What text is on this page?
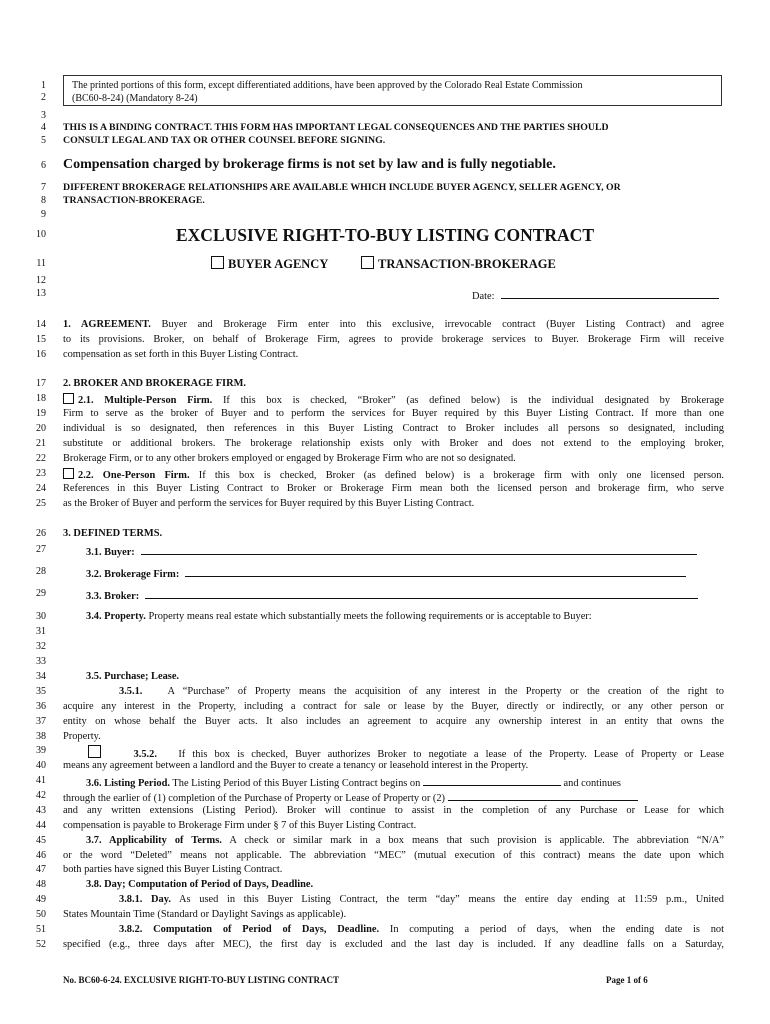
1
2
3
4
5
6
7
8
9
10
11
12
13
14
15
16
17
18
19
20
21
22
23
24
25
26
27
28
29
30
31
32
33
34
35
36
37
38
39
40
41
42
43
44
45
46
47
48
49
50
51
52
The printed portions of this form, except differentiated additions, have been approved by the Colorado Real Estate Commission
(BC60-8-24) (Mandatory 8-24)
THIS IS A BINDING CONTRACT. THIS FORM HAS IMPORTANT LEGAL CONSEQUENCES AND THE PARTIES SHOULD
CONSULT LEGAL AND TAX OR OTHER COUNSEL BEFORE SIGNING.
Compensation charged by brokerage firms is not set by law and is fully negotiable.
DIFFERENT BROKERAGE RELATIONSHIPS ARE AVAILABLE WHICH INCLUDE BUYER AGENCY, SELLER AGENCY, OR
TRANSACTION-BROKERAGE.
EXCLUSIVE RIGHT-TO-BUY LISTING CONTRACT
BUYER AGENCY	TRANSACTION-BROKERAGE
Date:
1. AGREEMENT. Buyer and Brokerage Firm enter into this exclusive, irrevocable contract (Buyer Listing Contract) and agree
to its provisions. Broker, on behalf of Brokerage Firm, agrees to provide brokerage services to Buyer. Brokerage Firm will receive
compensation as set forth in this Buyer Listing Contract.
2. BROKER AND BROKERAGE FIRM.
2.1. Multiple-Person Firm. If this box is checked, “Broker” (as defined below) is the individual designated by Brokerage
Firm to serve as the broker of Buyer and to perform the services for Buyer required by this Buyer Listing Contract. If more than one
individual is so designated, then references in this Buyer Listing Contract to Broker includes all persons so designated, including
substitute or additional brokers. The brokerage relationship exists only with Broker and does not extend to the employing broker,
Brokerage Firm, or to any other brokers employed or engaged by Brokerage Firm who are not so designated.
2.2. One-Person Firm. If this box is checked, Broker (as defined below) is a brokerage firm with only one licensed person.
References in this Buyer Listing Contract to Broker or Brokerage Firm mean both the licensed person and brokerage firm, who serve
as the Broker of Buyer and perform the services for Buyer required by this Buyer Listing Contract.
3. DEFINED TERMS.
3.1. Buyer:
3.2. Brokerage Firm:
3.3. Broker:
3.4. Property. Property means real estate which substantially meets the following requirements or is acceptable to Buyer:
3.5. Purchase; Lease.
3.5.1. A “Purchase” of Property means the acquisition of any interest in the Property or the creation of the right to
acquire any interest in the Property, including a contract for sale or lease by the Buyer, directly or indirectly, or any other person or
entity on whose behalf the Buyer acts. It also includes an agreement to acquire any ownership interest in an entity that owns the
Property.
3.5.2. If this box is checked, Buyer authorizes Broker to negotiate a lease of the Property. Lease of Property or Lease
means any agreement between a landlord and the Buyer to create a tenancy or leasehold interest in the Property.
3.6. Listing Period. The Listing Period of this Buyer Listing Contract begins on	and continues
through the earlier of (1) completion of the Purchase of Property or Lease of Property or (2)
and any written extensions (Listing Period). Broker will continue to assist in the completion of any Purchase or Lease for which
compensation is payable to Brokerage Firm under § 7 of this Buyer Listing Contract.
3.7. Applicability of Terms. A check or similar mark in a box means that such provision is applicable. The abbreviation “N/A”
or the word “Deleted” means not applicable. The abbreviation “MEC” (mutual execution of this contract) means the date upon which
both parties have signed this Buyer Listing Contract.
3.8. Day; Computation of Period of Days, Deadline.
3.8.1. Day. As used in this Buyer Listing Contract, the term “day” means the entire day ending at 11:59 p.m., United
States Mountain Time (Standard or Daylight Savings as applicable).
3.8.2. Computation of Period of Days, Deadline. In computing a period of days, when the ending date is not
specified (e.g., three days after MEC), the first day is excluded and the last day is included. If any deadline falls on a Saturday,
No. BC60-6-24. EXCLUSIVE RIGHT-TO-BUY LISTING CONTRACT	Page 1 of 6
